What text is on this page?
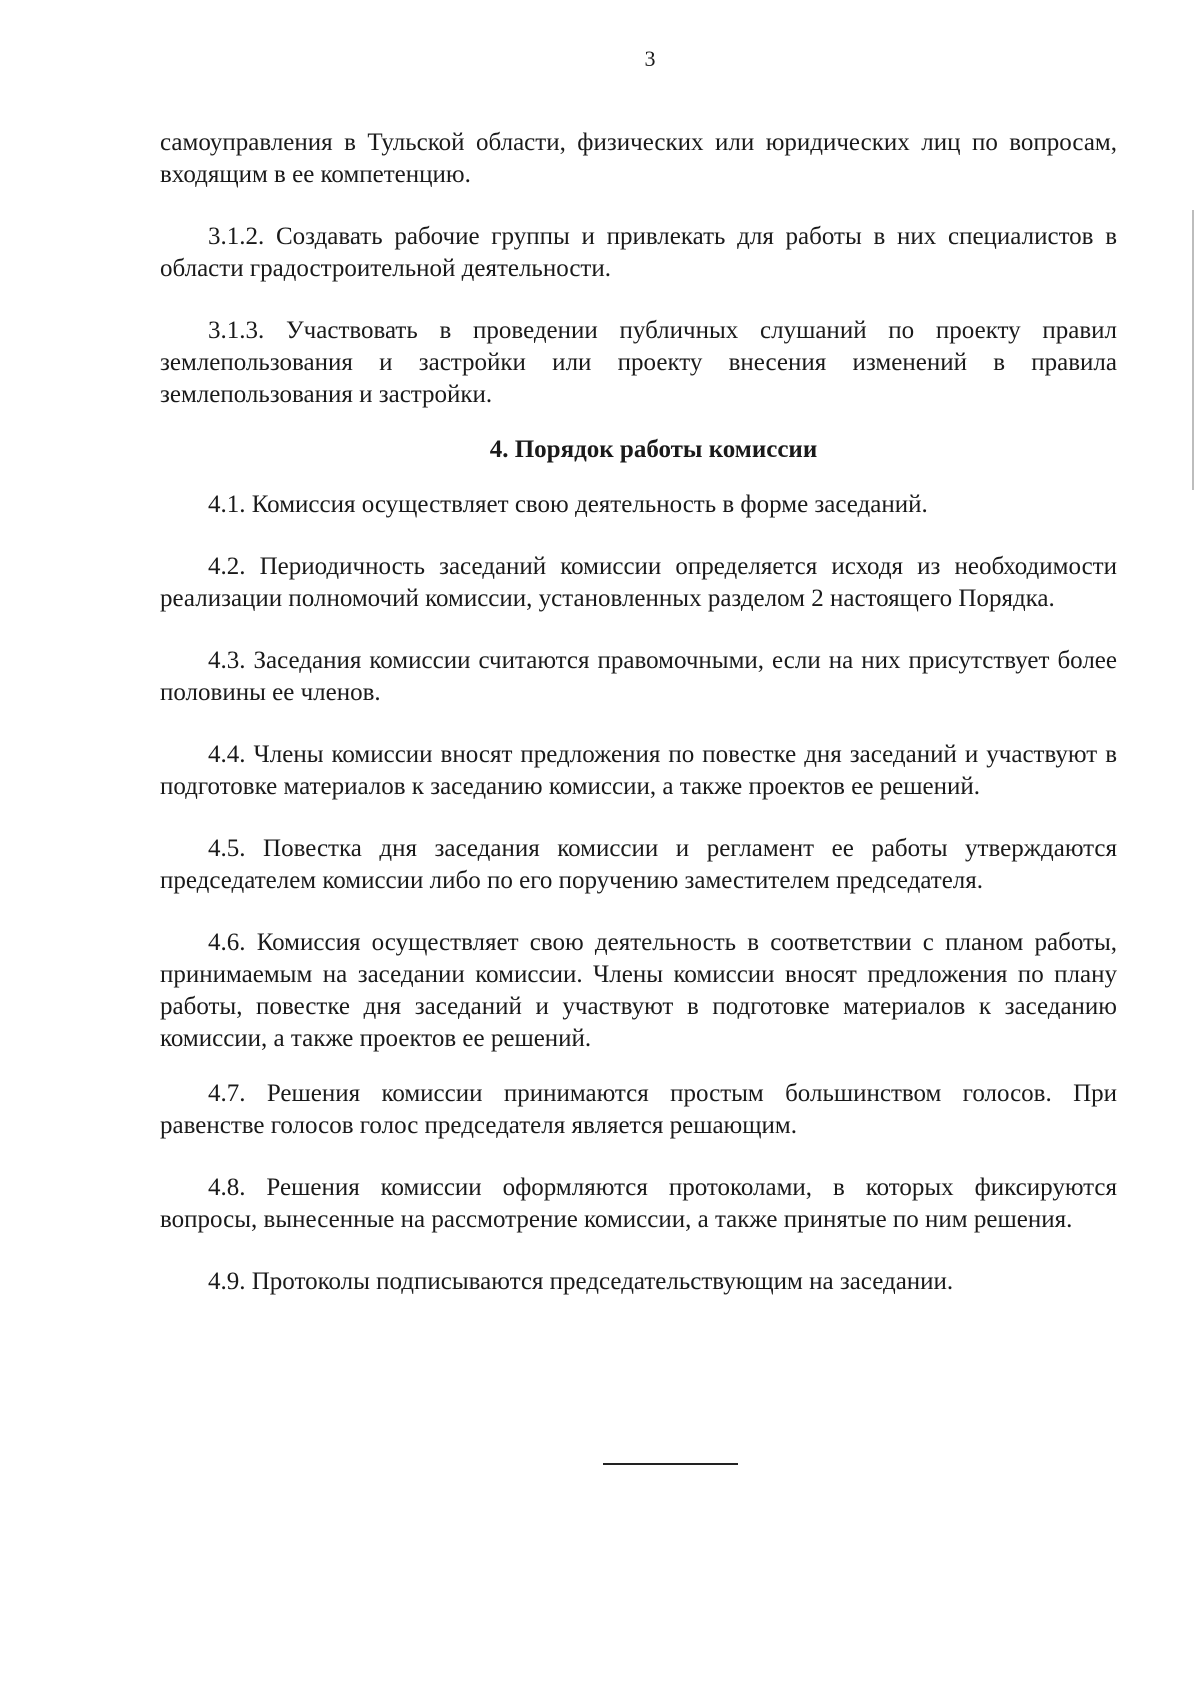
3

самоуправления в Тульской области, физических или юридических лиц по вопросам, входящим в ее компетенцию.

3.1.2. Создавать рабочие группы и привлекать для работы в них специалистов в области градостроительной деятельности.

3.1.3. Участвовать в проведении публичных слушаний по проекту правил землепользования и застройки или проекту внесения изменений в правила землепользования и застройки.

4. Порядок работы комиссии

4.1. Комиссия осуществляет свою деятельность в форме заседаний.

4.2. Периодичность заседаний комиссии определяется исходя из необходимости реализации полномочий комиссии, установленных разделом 2 настоящего Порядка.

4.3. Заседания комиссии считаются правомочными, если на них присутствует более половины ее членов.

4.4. Члены комиссии вносят предложения по повестке дня заседаний и участвуют в подготовке материалов к заседанию комиссии, а также проектов ее решений.

4.5. Повестка дня заседания комиссии и регламент ее работы утверждаются председателем комиссии либо по его поручению заместителем председателя.

4.6. Комиссия осуществляет свою деятельность в соответствии с планом работы, принимаемым на заседании комиссии. Члены комиссии вносят предложения по плану работы, повестке дня заседаний и участвуют в подготовке материалов к заседанию комиссии, а также проектов ее решений.

4.7. Решения комиссии принимаются простым большинством голосов. При равенстве голосов голос председателя является решающим.

4.8. Решения комиссии оформляются протоколами, в которых фиксируются вопросы, вынесенные на рассмотрение комиссии, а также принятые по ним решения.

4.9. Протоколы подписываются председательствующим на заседании.
